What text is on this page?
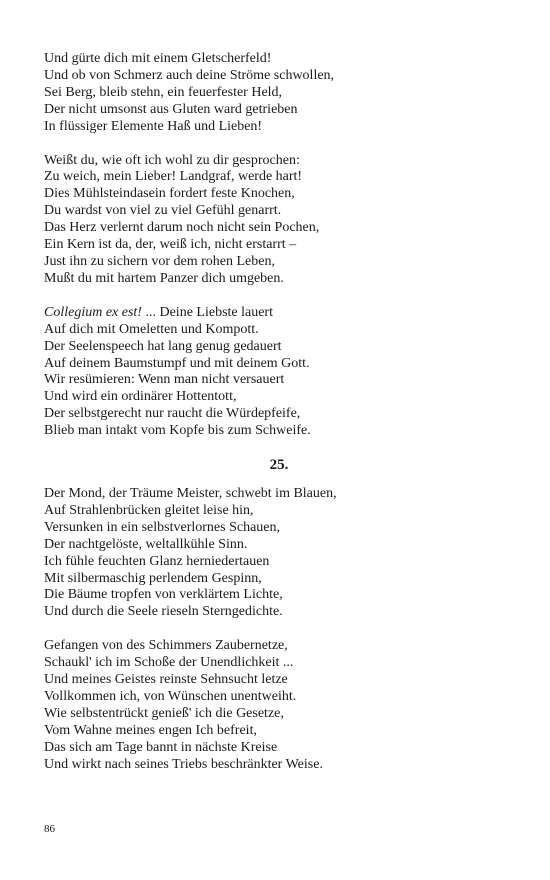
Und gürte dich mit einem Gletscherfeld!
Und ob von Schmerz auch deine Ströme schwollen,
Sei Berg, bleib stehn, ein feuerfester Held,
Der nicht umsonst aus Gluten ward getrieben
In flüssiger Elemente Haß und Lieben!
Weißt du, wie oft ich wohl zu dir gesprochen:
Zu weich, mein Lieber! Landgraf, werde hart!
Dies Mühlsteindasein fordert feste Knochen,
Du wardst von viel zu viel Gefühl genarrt.
Das Herz verlernt darum noch nicht sein Pochen,
Ein Kern ist da, der, weiß ich, nicht erstarrt –
Just ihn zu sichern vor dem rohen Leben,
Mußt du mit hartem Panzer dich umgeben.
Collegium ex est! ... Deine Liebste lauert
Auf dich mit Omeletten und Kompott.
Der Seelenspeech hat lang genug gedauert
Auf deinem Baumstumpf und mit deinem Gott.
Wir resümieren: Wenn man nicht versauert
Und wird ein ordinärer Hottentott,
Der selbstgerecht nur raucht die Würdepfeife,
Blieb man intakt vom Kopfe bis zum Schweife.
25.
Der Mond, der Träume Meister, schwebt im Blauen,
Auf Strahlenbrücken gleitet leise hin,
Versunken in ein selbstverlornes Schauen,
Der nachtgelöste, weltallkühle Sinn.
Ich fühle feuchten Glanz herniedertauen
Mit silbermaschig perlendem Gespinn,
Die Bäume tropfen von verklärtem Lichte,
Und durch die Seele rieseln Sterngedichte.
Gefangen von des Schimmers Zaubernetze,
Schaukl' ich im Schoße der Unendlichkeit ...
Und meines Geistes reinste Sehnsucht letze
Vollkommen ich, von Wünschen unentweiht.
Wie selbstentrückt genieß' ich die Gesetze,
Vom Wahne meines engen Ich befreit,
Das sich am Tage bannt in nächste Kreise
Und wirkt nach seines Triebs beschränkter Weise.
86
